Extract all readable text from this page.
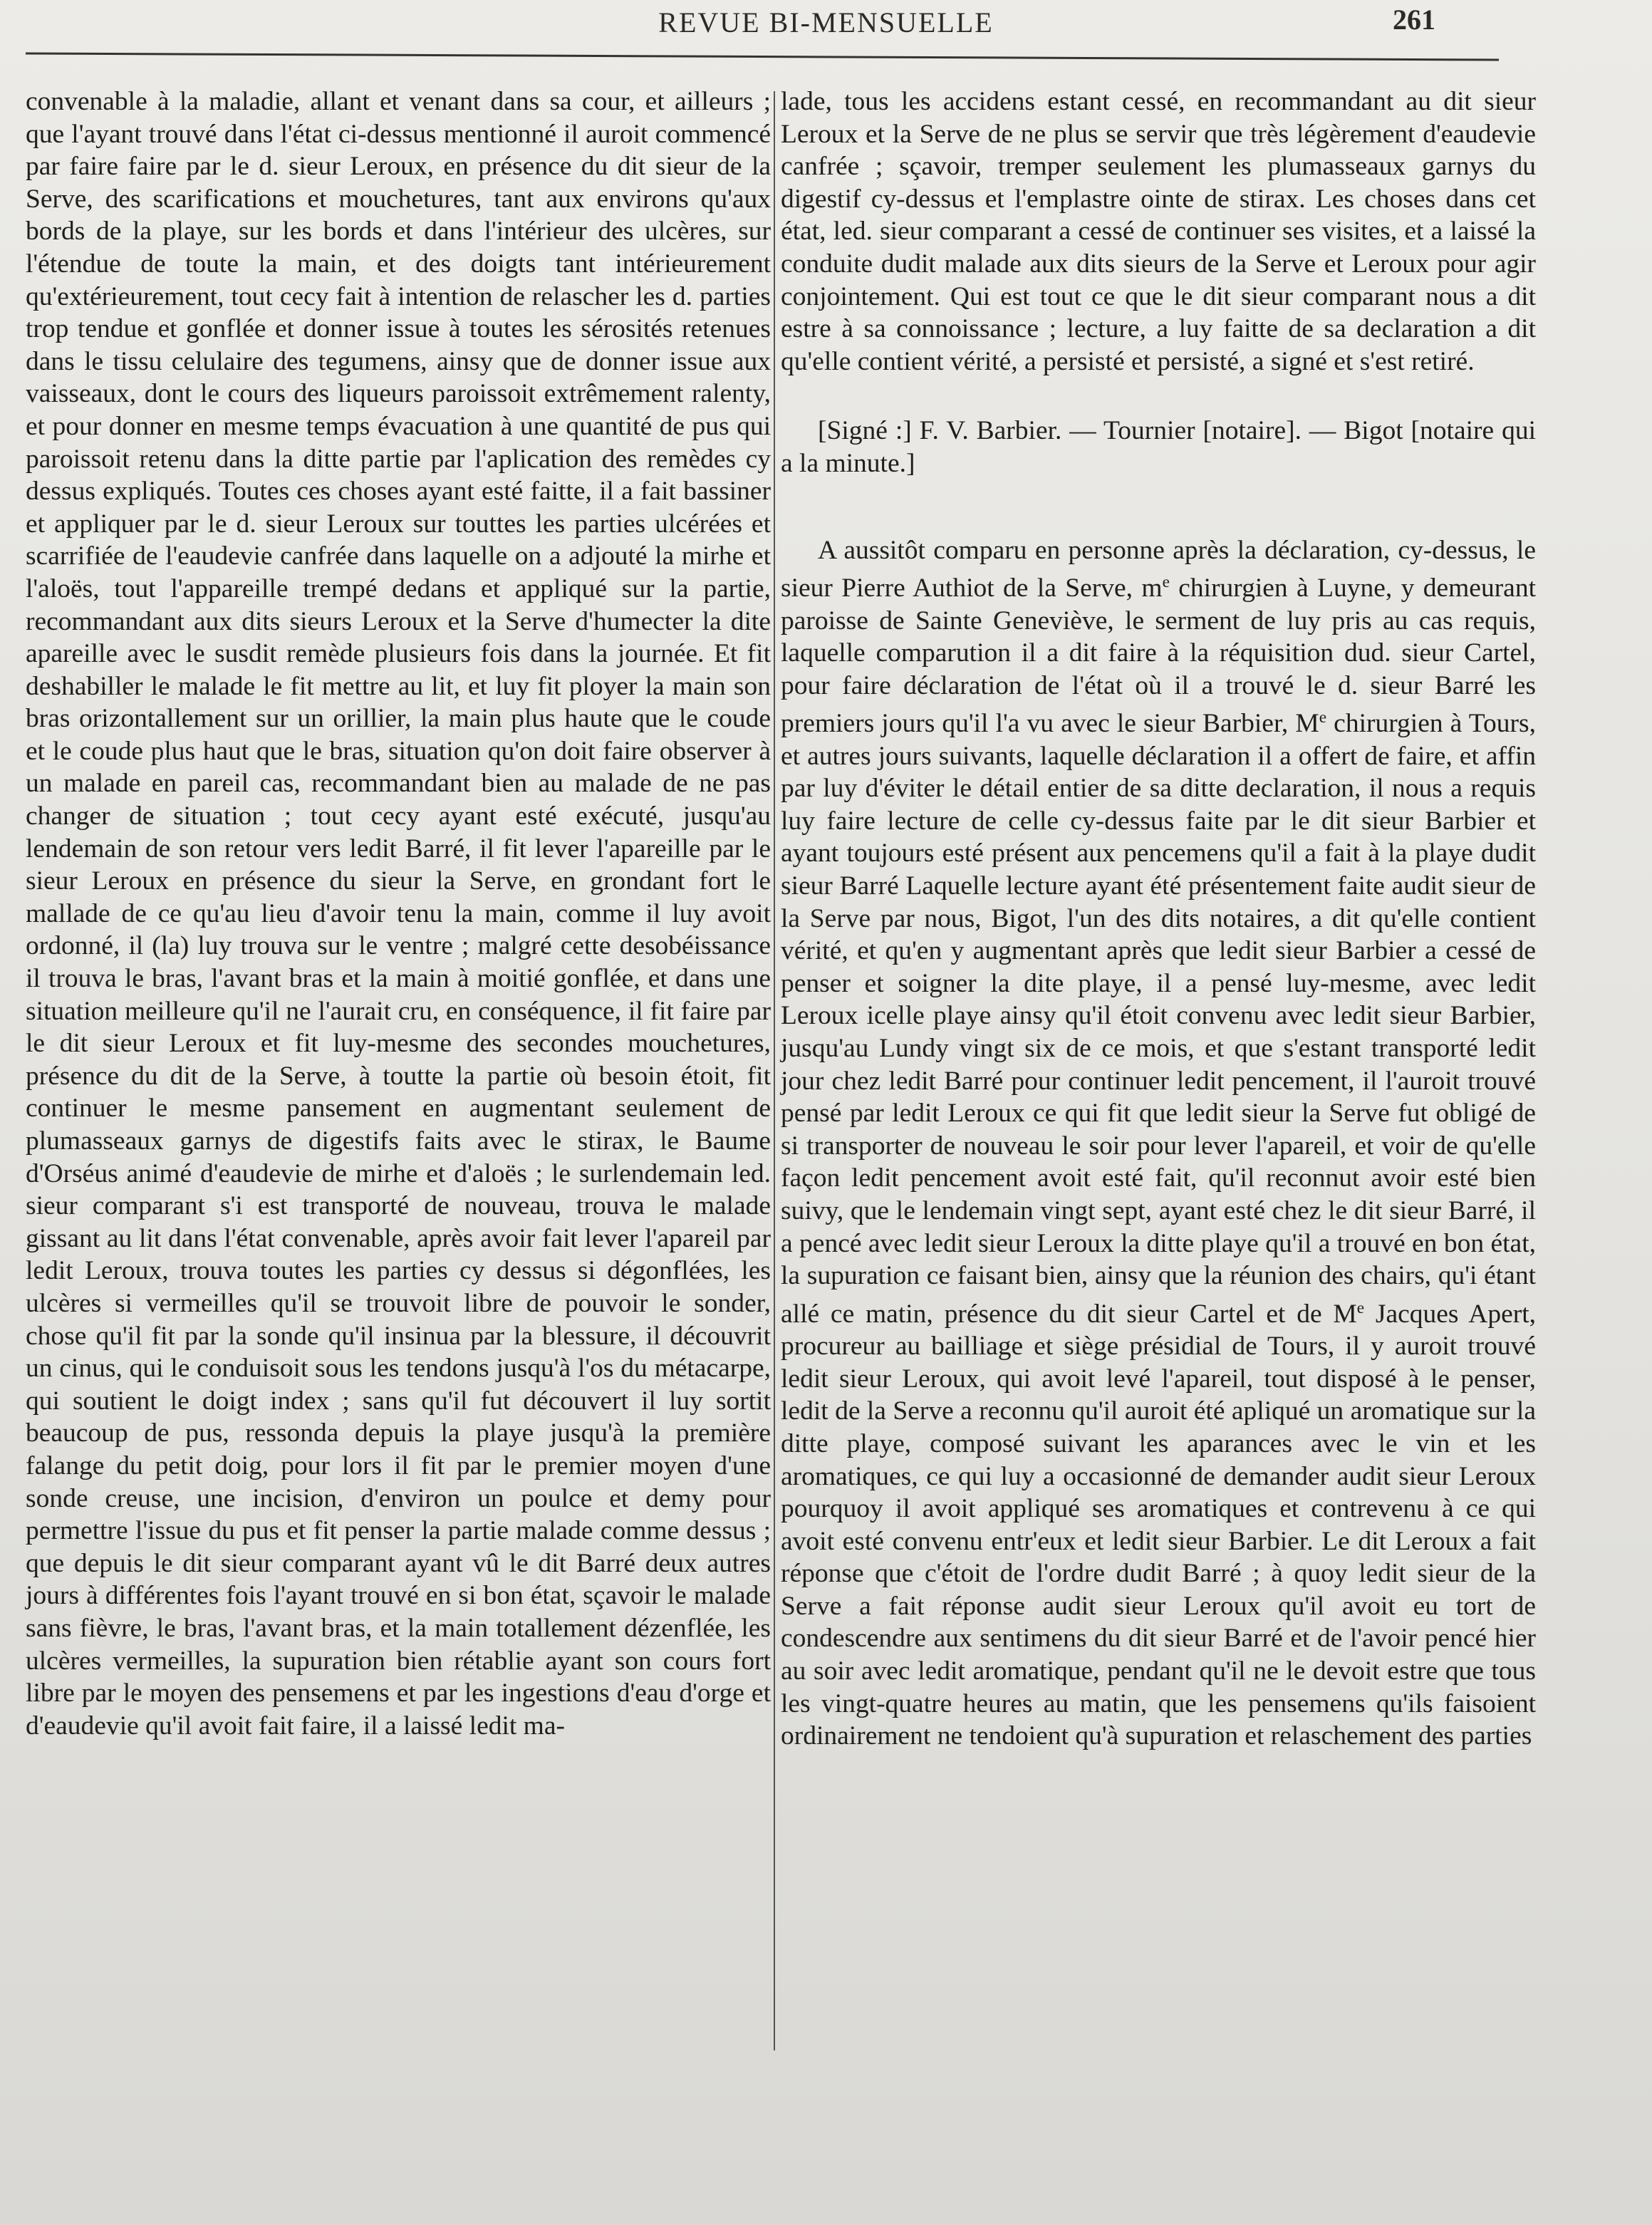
REVUE BI-MENSUELLE	261

convenable à la maladie, allant et venant dans sa cour, et ailleurs ; que l'ayant trouvé dans l'état ci-dessus mentionné il auroit commencé par faire faire par le d. sieur Leroux, en présence du dit sieur de la Serve, des scarifications et mouchetures, tant aux environs qu'aux bords de la playe, sur les bords et dans l'intérieur des ulcères, sur l'étendue de toute la main, et des doigts tant intérieurement qu'extérieurement, tout cecy fait à intention de relascher les d. parties trop tendue et gonflée et donner issue à toutes les sérosités retenues dans le tissu celulaire des tegumens, ainsy que de donner issue aux vaisseaux, dont le cours des liqueurs paroissoit extrêmement ralenty, et pour donner en mesme temps évacuation à une quantité de pus qui paroissoit retenu dans la ditte partie par l'aplication des remèdes cy dessus expliqués. Toutes ces choses ayant esté faitte, il a fait bassiner et appliquer par le d. sieur Leroux sur touttes les parties ulcérées et scarrifiée de l'eaudevie canfrée dans laquelle on a adjouté la mirhe et l'aloës, tout l'appareille trempé dedans et appliqué sur la partie, recommandant aux dits sieurs Leroux et la Serve d'humecter la dite apareille avec le susdit remède plusieurs fois dans la journée. Et fit deshabiller le malade le fit mettre au lit, et luy fit ployer la main son bras orizontallement sur un orillier, la main plus haute que le coude et le coude plus haut que le bras, situation qu'on doit faire observer à un malade en pareil cas, recommandant bien au malade de ne pas changer de situation ; tout cecy ayant esté exécuté, jusqu'au lendemain de son retour vers ledit Barré, il fit lever l'apareille par le sieur Leroux en présence du sieur la Serve, en grondant fort le mallade de ce qu'au lieu d'avoir tenu la main, comme il luy avoit ordonné, il (la) luy trouva sur le ventre ; malgré cette desobéissance il trouva le bras, l'avant bras et la main à moitié gonflée, et dans une situation meilleure qu'il ne l'aurait cru, en conséquence, il fit faire par le dit sieur Leroux et fit luy-mesme des secondes mouchetures, présence du dit de la Serve, à toutte la partie où besoin étoit, fit continuer le mesme pansement en augmentant seulement de plumasseaux garnys de digestifs faits avec le stirax, le Baume d'Orséus animé d'eaudevie de mirhe et d'aloës ; le surlendemain led. sieur comparant s'i est transporté de nouveau, trouva le malade gissant au lit dans l'état convenable, après avoir fait lever l'apareil par ledit Leroux, trouva toutes les parties cy dessus si dégonflées, les ulcères si vermeilles qu'il se trouvoit libre de pouvoir le sonder, chose qu'il fit par la sonde qu'il insinua par la blessure, il découvrit un cinus, qui le conduisoit sous les tendons jusqu'à l'os du métacarpe, qui soutient le doigt index ; sans qu'il fut découvert il luy sortit beaucoup de pus, ressonda depuis la playe jusqu'à la première falange du petit doig, pour lors il fit par le premier moyen d'une sonde creuse, une incision, d'environ un poulce et demy pour permettre l'issue du pus et fit penser la partie malade comme dessus ; que depuis le dit sieur comparant ayant vû le dit Barré deux autres jours à différentes fois l'ayant trouvé en si bon état, sçavoir le malade sans fièvre, le bras, l'avant bras, et la main totallement dézenflée, les ulcères vermeilles, la supuration bien rétablie ayant son cours fort libre par le moyen des pensemens et par les ingestions d'eau d'orge et d'eaudevie qu'il avoit fait faire, il a laissé ledit ma-

lade, tous les accidens estant cessé, en recommandant au dit sieur Leroux et la Serve de ne plus se servir que très légèrement d'eaudevie canfrée ; sçavoir, tremper seulement les plumasseaux garnys du digestif cy-dessus et l'emplastre ointe de stirax. Les choses dans cet état, led. sieur comparant a cessé de continuer ses visites, et a laissé la conduite dudit malade aux dits sieurs de la Serve et Leroux pour agir conjointement. Qui est tout ce que le dit sieur comparant nous a dit estre à sa connoissance ; lecture, a luy faitte de sa declaration a dit qu'elle contient vérité, a persisté et persisté, a signé et s'est retiré.

[Signé :] F. V. Barbier. — Tournier [notaire]. — Bigot [notaire qui a la minute.]

A aussitôt comparu en personne après la déclaration, cy-dessus, le sieur Pierre Authiot de la Serve, $m^e$ chirurgien à Luyne, y demeurant paroisse de Sainte Geneviève, le serment de luy pris au cas requis, laquelle comparution il a dit faire à la réquisition dud. sieur Cartel, pour faire déclaration de l'état où il a trouvé le d. sieur Barré les premiers jours qu'il l'a vu avec le sieur Barbier, Me chirurgien à Tours, et autres jours suivants, laquelle déclaration il a offert de faire, et affin par luy d'éviter le détail entier de sa ditte declaration, il nous a requis luy faire lecture de celle cy-dessus faite par le dit sieur Barbier et ayant toujours esté présent aux pencemens qu'il a fait à la playe dudit sieur Barré Laquelle lecture ayant été présentement faite audit sieur de la Serve par nous, Bigot, l'un des dits notaires, a dit qu'elle contient vérité, et qu'en y augmentant après que ledit sieur Barbier a cessé de penser et soigner la dite playe, il a pensé luy-mesme, avec ledit Leroux icelle playe ainsy qu'il étoit convenu avec ledit sieur Barbier, jusqu'au Lundy vingt six de ce mois, et que s'estant transporté ledit jour chez ledit Barré pour continuer ledit pencement, il l'auroit trouvé pensé par ledit Leroux ce qui fit que ledit sieur la Serve fut obligé de si transporter de nouveau le soir pour lever l'apareil, et voir de qu'elle façon ledit pencement avoit esté fait, qu'il reconnut avoir esté bien suivy, que le lendemain vingt sept, ayant esté chez le dit sieur Barré, il a pencé avec ledit sieur Leroux la ditte playe qu'il a trouvé en bon état, la supuration ce faisant bien, ainsy que la réunion des chairs, qu'i étant allé ce matin, présence du dit sieur Cartel et de Me Jacques Apert, procureur au bailliage et siège présidial de Tours, il y auroit trouvé ledit sieur Leroux, qui avoit levé l'apareil, tout disposé à le penser, ledit de la Serve a reconnu qu'il auroit été apliqué un aromatique sur la ditte playe, composé suivant les aparances avec le vin et les aromatiques, ce qui luy a occasionné de demander audit sieur Leroux pourquoy il avoit appliqué ses aromatiques et contrevenu à ce qui avoit esté convenu entr'eux et ledit sieur Barbier. Le dit Leroux a fait réponse que c'étoit de l'ordre dudit Barré ; à quoy ledit sieur de la Serve a fait réponse audit sieur Leroux qu'il avoit eu tort de condescendre aux sentimens du dit sieur Barré et de l'avoir pencé hier au soir avec ledit aromatique, pendant qu'il ne le devoit estre que tous les vingt-quatre heures au matin, que les pensemens qu'ils faisoient ordinairement ne tendoient qu'à supuration et relaschement des parties
